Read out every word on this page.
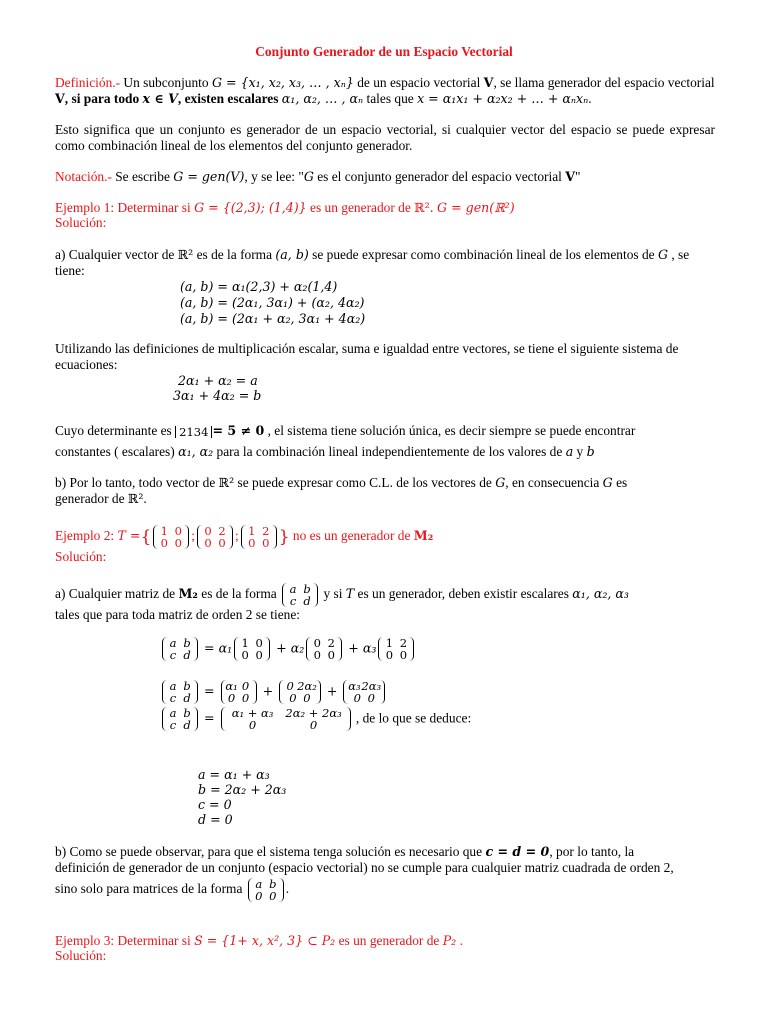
Conjunto Generador de un Espacio Vectorial
Definición.- Un subconjunto G = {x₁, x₂, x₃, … , xₙ} de un espacio vectorial V, se llama generador del espacio vectorial V, si para todo x ∈ V, existen escalares α₁, α₂, … , αₙ tales que x = α₁x₁ + α₂x₂ + … + αₙxₙ.
Esto significa que un conjunto es generador de un espacio vectorial, si cualquier vector del espacio se puede expresar como combinación lineal de los elementos del conjunto generador.
Notación.- Se escribe G = gen(V), y se lee: "G es el conjunto generador del espacio vectorial V"
Ejemplo 1: Determinar si G = {(2,3); (1,4)} es un generador de ℝ². G = gen(ℝ²)
Solución:
a) Cualquier vector de ℝ² es de la forma (a, b) se puede expresar como combinación lineal de los elementos de G , se tiene:
(a, b) = α₁(2,3) + α₂(1,4)
(a, b) = (2α₁, 3α₁) + (α₂, 4α₂)
(a, b) = (2α₁ + α₂, 3α₁ + 4α₂)
Utilizando las definiciones de multiplicación escalar, suma e igualdad entre vectores, se tiene el siguiente sistema de ecuaciones:
2α₁ + α₂ = a
3α₁ + 4α₂ = b
Cuyo determinante es 2134 = 5 ≠ 0 , el sistema tiene solución única, es decir siempre se puede encontrar
constantes ( escalares) α₁, α₂ para la combinación lineal independientemente de los valores de a y b
b) Por lo tanto, todo vector de ℝ² se puede expresar como C.L. de los vectores de G, en consecuencia G es
generador de ℝ².
Ejemplo 2: T ={ 1 0
0 0 ; 0 2
0 0 ; 1 2
0 0 } no es un generador de M₂
Solución:
a) Cualquier matriz de M₂ es de la forma a b
c d y si T es un generador, deben existir escalares α₁, α₂, α₃
tales que para toda matriz de orden 2 se tiene:
a b
c d = α₁ 1 0
0 0 + α₂ 0 2
0 0 + α₃ 1 2
0 0
a b
c d = α₁ 0
0 0 + 0 2α₂
0 0 + α₃2α₃
0 0
a b
c d =	α₁ + α₃ 2α₂ + 2α₃
0	0	, de lo que se deduce:
a = α₁ + α₃
b = 2α₂ + 2α₃
c = 0
d = 0
b) Como se puede observar, para que el sistema tenga solución es necesario que c = d = 0, por lo tanto, la
definición de generador de un conjunto (espacio vectorial) no se cumple para cualquier matriz cuadrada de orden 2,
sino solo para matrices de la forma a b
0 0 .
Ejemplo 3: Determinar si S = {1+ x, x², 3} ⊂ P₂ es un generador de P₂ .
Solución:
